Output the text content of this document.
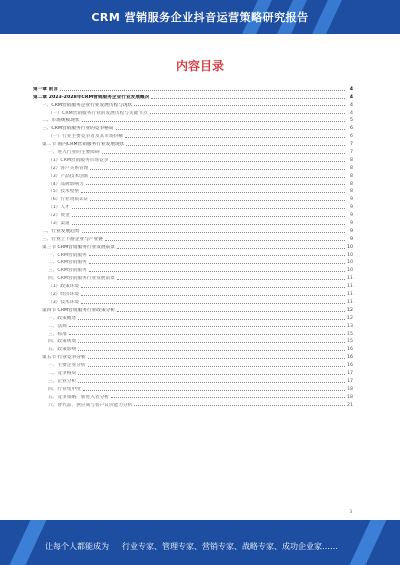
CRM 营销服务企业抖音运营策略研究报告
内容目录
第一章 前言	4
第二章 2023-2028年CRM营销服务企业行业发展概况	4
一、CRM营销服务企业行业发展历程与现状	4
（一）CRM营销服务行业的发展历程与关键节点	4
二、市场规模现状	5
三、CRM营销服务行业的竞争格局	6
（一）行业主要竞争者及其市场份额	6
第二节 国内CRM营销服务行业发展现状	7
一、进入行业的主要障碍	7
（1）CRM营销服务市场竞争	8
（2）客户关系管理	8
（3）产品技术创新	8
（4）品牌影响力	8
（5）技术壁垒	8
（6）行业资质认证	9
（1）人才	9
（2）资金	9
（3）渠道	9
二、行业发展趋势	9
三、行业上下游企业与产业链	9
第三节 CRM营销服务行业发展前景	10
一、CRM营销服务	10
二、CRM营销服务	10
三、CRM营销服务	10
四、CRM营销服务行业发展前景	11
（1）政策环境	11
（2）经济环境	11
（3）技术环境	11
第四节 CRM营销服务行业政策分析	12
一、政策概述	12
二、法规	13
三、标准	15
四、政策规划	15
五、政策影响	16
第五节 行业竞争分析	16
一、主要企业分析	16
二、竞争格局	17
三、企业分析	17
四、行业集中度	18
五、竞争策略、新进入者分析	18
六、替代品、供应商与客户议价能力分析	21
3
让每个人都能成为 行业专家、管理专家、营销专家、战略专家、成功企业家……
